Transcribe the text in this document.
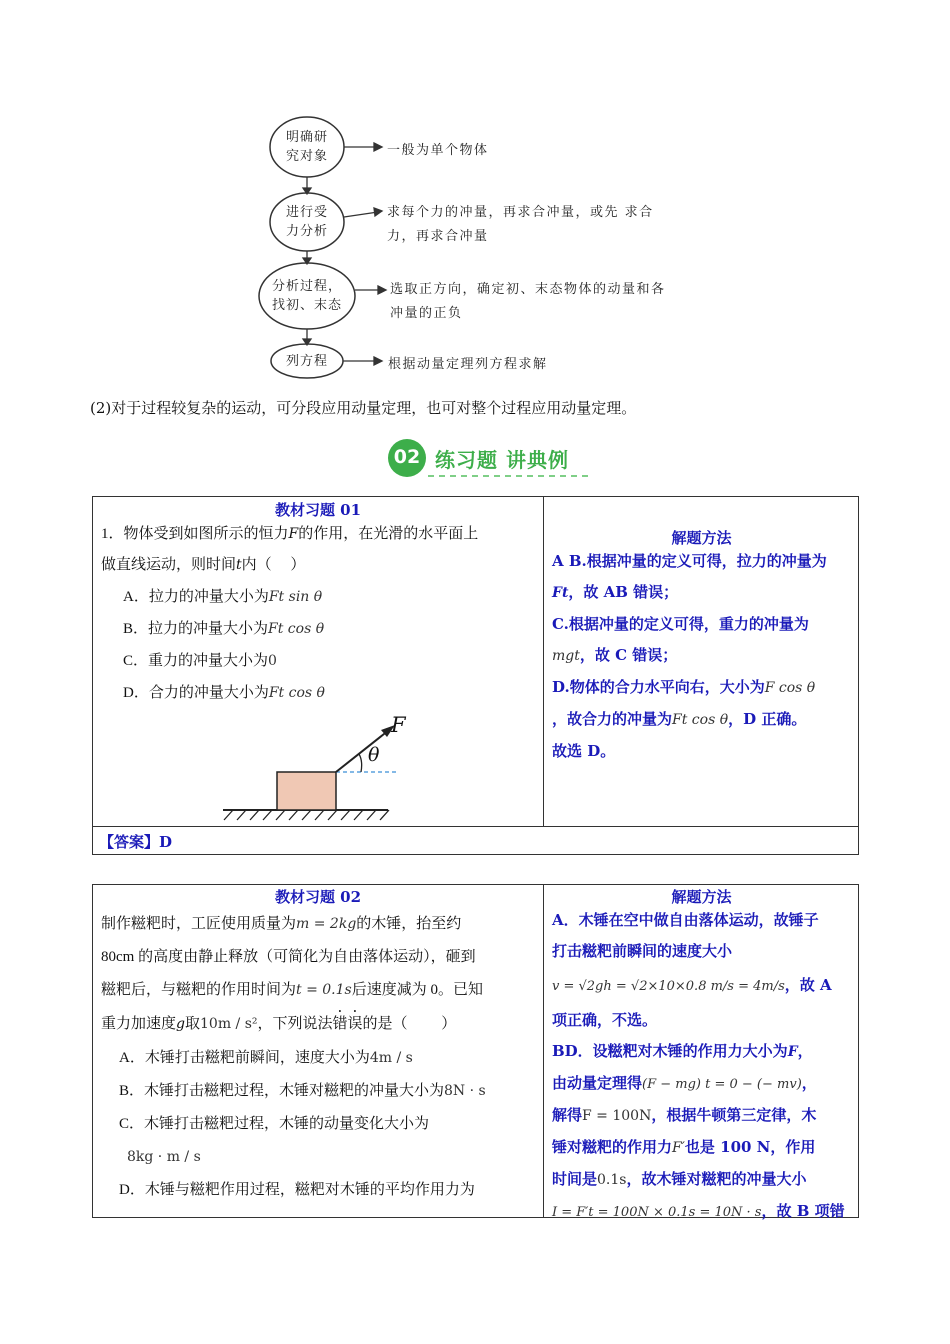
明确研
究对象
进行受
力分析
分析过程，
找初、末态
列方程
一般为单个物体
求每个力的冲量，再求合冲量，或先 求合
力，再求合冲量
选取正方向，确定初、末态物体的动量和各
冲量的正负
根据动量定理列方程求解
(2)对于过程较复杂的运动，可分段应用动量定理，也可对整个过程应用动量定理。
02 练习题 讲典例
教材习题 01
1．物体受到如图所示的恒力F的作用，在光滑的水平面上
做直线运动，则时间t内（　 ）
A．拉力的冲量大小为Ft sin θ
B．拉力的冲量大小为Ft cos θ
C．重力的冲量大小为0
D．合力的冲量大小为Ft cos θ
F
θ
解题方法
A B.根据冲量的定义可得，拉力的冲量为
Ft，故 AB 错误；
C.根据冲量的定义可得，重力的冲量为
mgt，故 C 错误；
D.物体的合力水平向右，大小为F cos θ
，故合力的冲量为Ft cos θ，D 正确。
故选 D。
【答案】D
教材习题 02
制作糍粑时，工匠使用质量为m = 2kg的木锤，抬至约
80cm 的高度由静止释放（可简化为自由落体运动），砸到
糍粑后，与糍粑的作用时间为t = 0.1s后速度减为 0。已知
重力加速度g取10m / s²，下列说法错误的是（　　 ）
A．木锤打击糍粑前瞬间，速度大小为4m / s
B．木锤打击糍粑过程，木锤对糍粑的冲量大小为8N · s
C．木锤打击糍粑过程，木锤的动量变化大小为
8kg · m / s
D．木锤与糍粑作用过程，糍粑对木锤的平均作用力为
解题方法
A．木锤在空中做自由落体运动，故锤子
打击糍粑前瞬间的速度大小
v = √2gh = √2×10×0.8 m/s = 4m/s，故 A
项正确，不选。
BD．设糍粑对木锤的作用力大小为F，
由动量定理得(F − mg) t = 0 − (− mv)，
解得F = 100N，根据牛顿第三定律，木
锤对糍粑的作用力F′也是 100 N，作用
时间是0.1s，故木锤对糍粑的冲量大小
I = F′t = 100N × 0.1s = 10N · s，故 B 项错
